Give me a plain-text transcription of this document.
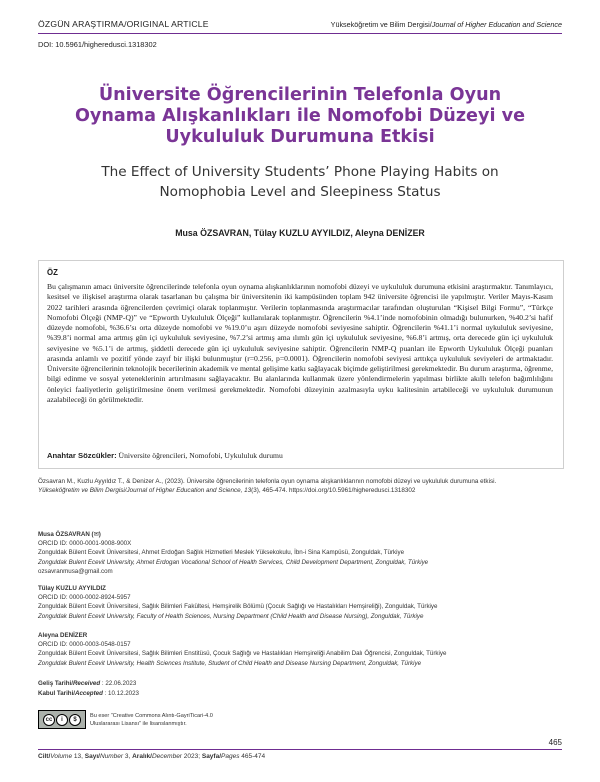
ÖZGÜN ARAŞTIRMA/ORIGINAL ARTICLE	Yükseköğretim ve Bilim Dergisi/Journal of Higher Education and Science
DOI: 10.5961/higheredusci.1318302
Üniversite Öğrencilerinin Telefonla Oyun Oynama Alışkanlıkları ile Nomofobi Düzeyi ve Uykululuk Durumuna Etkisi
The Effect of University Students’ Phone Playing Habits on Nomophobia Level and Sleepiness Status
Musa ÖZSAVRAN, Tülay KUZLU AYYILDIZ, Aleyna DENİZER
ÖZ
Bu çalışmanın amacı üniversite öğrencilerinde telefonla oyun oynama alışkanlıklarının nomofobi düzeyi ve uykululuk durumuna etkisini araştırmaktır. Tanımlayıcı, kesitsel ve ilişkisel araştırma olarak tasarlanan bu çalışma bir üniversitenin iki kampüsünden toplam 942 üniversite öğrencisi ile yapılmıştır. Veriler Mayıs-Kasım 2022 tarihleri arasında öğrencilerden çevrimiçi olarak toplanmıştır. Verilerin toplanmasında araştırmacılar tarafından oluşturulan “Kişisel Bilgi Formu”, “Türkçe Nomofobi Ölçeği (NMP-Q)” ve “Epworth Uykululuk Ölçeği” kullanılarak toplanmıştır. Öğrencilerin %4.1’inde nomofobinin olmadığı bulunurken, %40.2’si hafif düzeyde nomofobi, %36.6’sı orta düzeyde nomofobi ve %19.0’u aşırı düzeyde nomofobi seviyesine sahiptir. Öğrencilerin %41.1’i normal uykululuk seviyesine, %39.8’i normal ama artmış gün içi uykululuk seviyesine, %7.2’si artmış ama ılımlı gün içi uykululuk seviyesine, %6.8’i artmış, orta derecede gün içi uykululuk seviyesine ve %5.1’i de artmış, şiddetli derecede gün içi uykululuk seviyesine sahiptir. Öğrencilerin NMP-Q puanları ile Epworth Uykululuk Ölçeği puanları arasında anlamlı ve pozitif yönde zayıf bir ilişki bulunmuştur (r=0.256, p=0.0001). Öğrencilerin nomofobi seviyesi arttıkça uykululuk seviyeleri de artmaktadır. Üniversite öğrencilerinin teknolojik becerilerinin akademik ve mental gelişime katkı sağlayacak biçimde geliştirilmesi gerekmektedir. Bu durum araştırma, öğrenme, bilgi edinme ve sosyal yeteneklerinin artırılmasını sağlayacaktır. Bu alanlarında kullanmak üzere yönlendirmelerin yapılması birlikte akıllı telefon bağımlılığını önleyici faaliyetlerin geliştirilmesine önem verilmesi gerekmektedir. Nomofobi düzeyinin azalmasıyla uyku kalitesinin artabileceği ve uykululuk durumunun azalabileceği ön görülmektedir.
Anahtar Sözcükler: Üniversite öğrencileri, Nomofobi, Uykululuk durumu
Özsavran M., Kuzlu Ayyıldız T., & Denizer A., (2023). Üniversite öğrencilerinin telefonla oyun oynama alışkanlıklarının nomofobi düzeyi ve uykululuk durumuna etkisi.
Yükseköğretim ve Bilim Dergisi/Journal of Higher Education and Science, 13(3), 465-474. https://doi.org/10.5961/higheredusci.1318302
Musa ÖZSAVRAN (✉)
ORCID ID: 0000-0001-9008-900X
Zonguldak Bülent Ecevit Üniversitesi, Ahmet Erdoğan Sağlık Hizmetleri Meslek Yüksekokulu, İbn-i Sina Kampüsü, Zonguldak, Türkiye
Zonguldak Bulent Ecevit University, Ahmet Erdogan Vocational School of Health Services, Child Development Department, Zonguldak, Türkiye
ozsavranmusa@gmail.com
Tülay KUZLU AYYILDIZ
ORCID ID: 0000-0002-8924-5957
Zonguldak Bülent Ecevit Üniversitesi, Sağlık Bilimleri Fakültesi, Hemşirelik Bölümü (Çocuk Sağlığı ve Hastalıkları Hemşireliği), Zonguldak, Türkiye
Zonguldak Bulent Ecevit University, Faculty of Health Sciences, Nursing Department (Child Health and Disease Nursing), Zonguldak, Türkiye
Aleyna DENİZER
ORCID ID: 0000-0003-0548-0157
Zonguldak Bülent Ecevit Üniversitesi, Sağlık Bilimleri Enstitüsü, Çocuk Sağlığı ve Hastalıkları Hemşireliği Anabilim Dalı Öğrencisi, Zonguldak, Türkiye
Zonguldak Bulent Ecevit University, Health Sciences Institute, Student of Child Health and Disease Nursing Department, Zonguldak, Türkiye
Geliş Tarihi/Received : 22.06.2023
Kabul Tarihi/Accepted : 10.12.2023
cc	i	$
Bu eser “Creative Commons Alıntı-GayriTicari-4.0
Uluslararası Lisansı” ile lisanslanmıştır.
465
Cilt/Volume 13, Sayı/Number 3, Aralık/December 2023; Sayfa/Pages 465-474
